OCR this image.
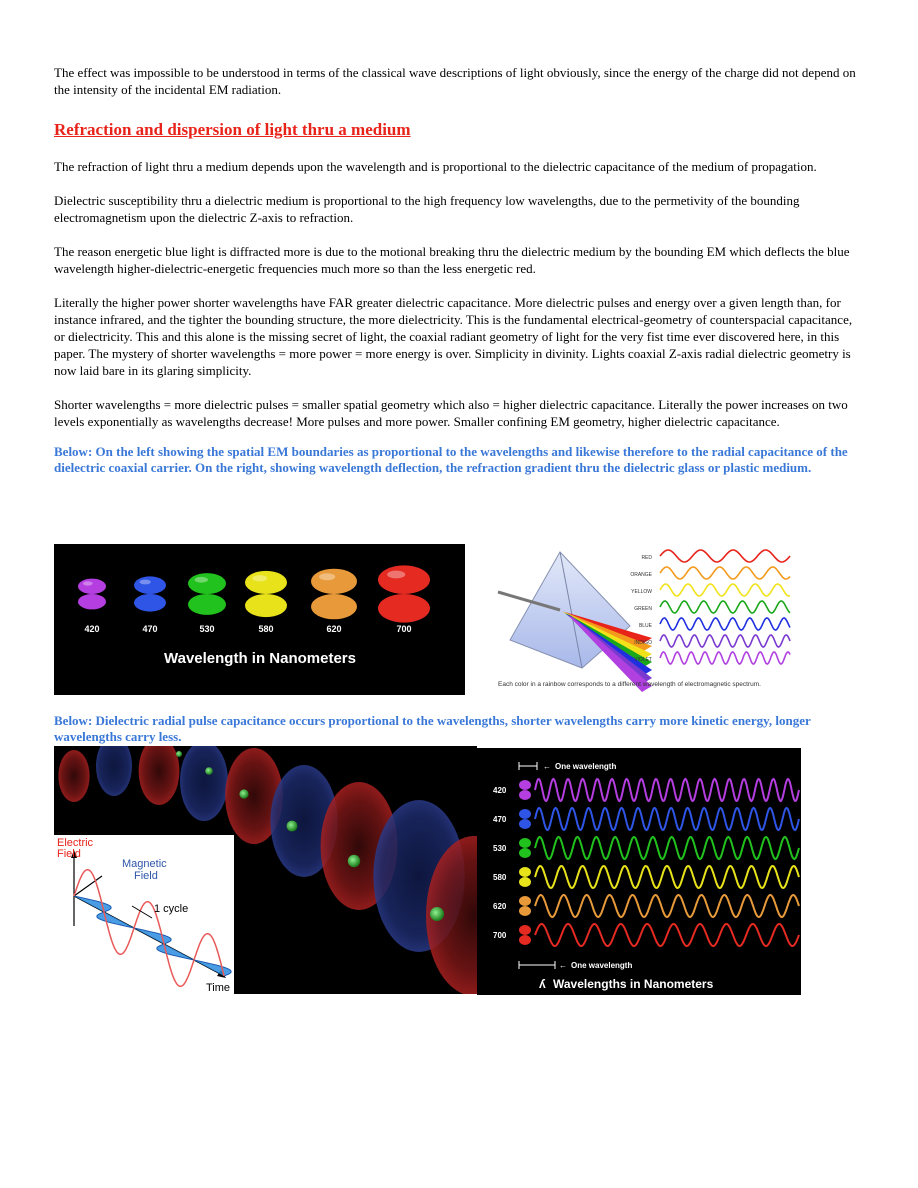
The effect was impossible to be understood in terms of the classical wave descriptions of light obviously, since the energy of the charge did not depend on the intensity of the incidental EM radiation.

Refraction and dispersion of light thru a medium

The refraction of light thru a medium depends upon the wavelength and is proportional to the dielectric capacitance of the medium of propagation.

Dielectric susceptibility thru a dielectric medium is proportional to the high frequency low wavelengths, due to the permetivity of the bounding electromagnetism upon the dielectric Z-axis to refraction.

The reason energetic blue light is diffracted more is due to the motional breaking thru the dielectric medium by the bounding EM which deflects the blue wavelength higher-dielectric-energetic frequencies much more so than the less energetic red.

Literally the higher power shorter wavelengths have FAR greater dielectric capacitance. More dielectric pulses and energy over a given length than, for instance infrared, and the tighter the bounding structure, the more dielectricity. This is the fundamental electrical-geometry of counterspacial capacitance, or dielectricity. This and this alone is the missing secret of light, the coaxial radiant geometry of light for the very fist time ever discovered here, in this paper. The mystery of shorter wavelengths = more power = more energy is over. Simplicity in divinity. Lights coaxial Z-axis radial dielectric geometry is now laid bare in its glaring simplicity.

Shorter wavelengths = more dielectric pulses = smaller spatial geometry which also = higher dielectric capacitance. Literally the power increases on two levels exponentially as wavelengths decrease! More pulses and more power. Smaller confining EM geometry, higher dielectric capacitance.

Below: On the left showing the spatial EM boundaries as proportional to the wavelengths and likewise therefore to the radial capacitance of the dielectric coaxial carrier. On the right, showing wavelength deflection, the refraction gradient thru the dielectric glass or plastic medium.

Wavelength in Nanometers
420	470	530	580	620	700
Each color in a rainbow corresponds to a different wavelength of electromagnetic spectrum.
RED
ORANGE
YELLOW
GREEN
BLUE
INDIGO
VIOLET

Below: Dielectric radial pulse capacitance occurs proportional to the wavelengths, shorter wavelengths carry more kinetic energy, longer wavelengths carry less.

Electric
Field
Magnetic
Field
1 cycle
Time
← One wavelength
420
470
530
580
620
700
← One wavelength
ʎ Wavelengths in Nanometers
